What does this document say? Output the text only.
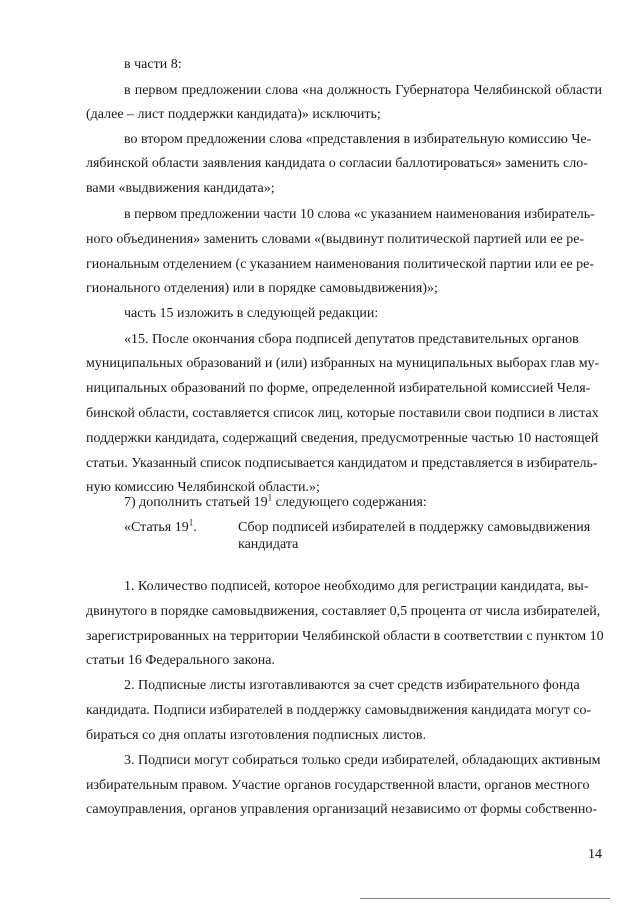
в части 8:
в первом предложении слова «на должность Губернатора Челябинской области
(далее – лист поддержки кандидата)» исключить;
во втором предложении слова «представления в избирательную комиссию Че-
лябинской области заявления кандидата о согласии баллотироваться» заменить сло-
вами «выдвижения кандидата»;
в первом предложении части 10 слова «с указанием наименования избиратель-
ного объединения» заменить словами «(выдвинут политической партией или ее ре-
гиональным отделением (с указанием наименования политической партии или ее ре-
гионального отделения) или в порядке самовыдвижения)»;
часть 15 изложить в следующей редакции:
«15. После окончания сбора подписей депутатов представительных органов
муниципальных образований и (или) избранных на муниципальных выборах глав му-
ниципальных образований по форме, определенной избирательной комиссией Челя-
бинской области, составляется список лиц, которые поставили свои подписи в листах
поддержки кандидата, содержащий сведения, предусмотренные частью 10 настоящей
статьи. Указанный список подписывается кандидатом и представляется в избиратель-
ную комиссию Челябинской области.»;
7) дополнить статьей $19^1$ следующего содержания:
«Статья $19^1$.	Сбор подписей избирателей в поддержку самовыдвижения кандидата
1. Количество подписей, которое необходимо для регистрации кандидата, вы-
двинутого в порядке самовыдвижения, составляет 0,5 процента от числа избирателей,
зарегистрированных на территории Челябинской области в соответствии с пунктом 10
статьи 16 Федерального закона.
2. Подписные листы изготавливаются за счет средств избирательного фонда
кандидата. Подписи избирателей в поддержку самовыдвижения кандидата могут со-
бираться со дня оплаты изготовления подписных листов.
3. Подписи могут собираться только среди избирателей, обладающих активным
избирательным правом. Участие органов государственной власти, органов местного
самоуправления, органов управления организаций независимо от формы собственно-
14
